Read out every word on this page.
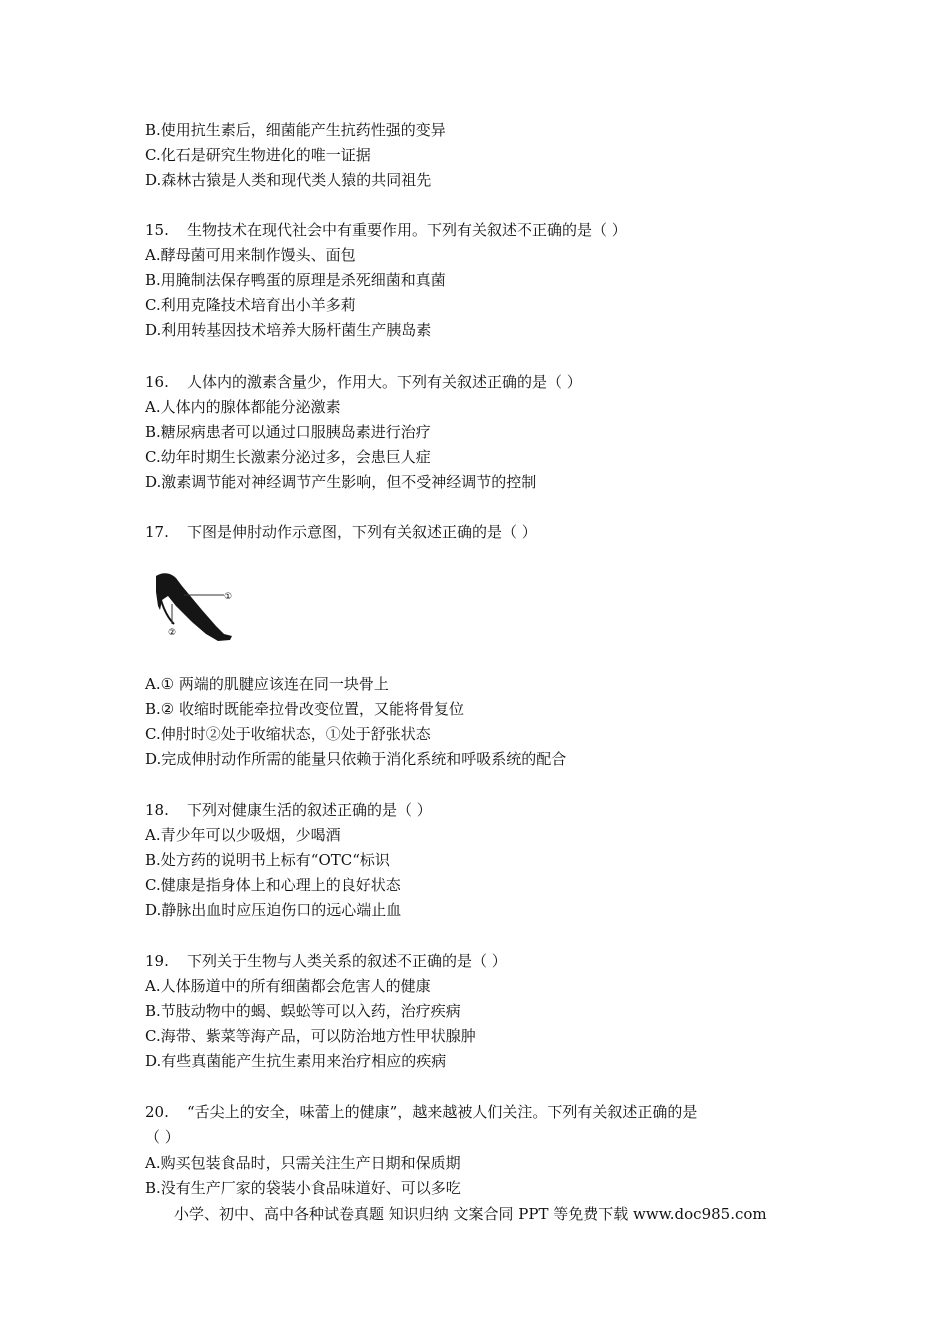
B.使用抗生素后，细菌能产生抗药性强的变异
C.化石是研究生物进化的唯一证据
D.森林古猿是人类和现代类人猿的共同祖先
15. 生物技术在现代社会中有重要作用。下列有关叙述不正确的是（ ）
A.酵母菌可用来制作馒头、面包
B.用腌制法保存鸭蛋的原理是杀死细菌和真菌
C.利用克隆技术培育出小羊多莉
D.利用转基因技术培养大肠杆菌生产胰岛素
16. 人体内的激素含量少，作用大。下列有关叙述正确的是（ ）
A.人体内的腺体都能分泌激素
B.糖尿病患者可以通过口服胰岛素进行治疗
C.幼年时期生长激素分泌过多，会患巨人症
D.激素调节能对神经调节产生影响，但不受神经调节的控制
17. 下图是伸肘动作示意图，下列有关叙述正确的是（ ）
①
②
A.① 两端的肌腱应该连在同一块骨上
B.② 收缩时既能牵拉骨改变位置，又能将骨复位
C.伸肘时②处于收缩状态，①处于舒张状态
D.完成伸肘动作所需的能量只依赖于消化系统和呼吸系统的配合
18. 下列对健康生活的叙述正确的是（ ）
A.青少年可以少吸烟，少喝酒
B.处方药的说明书上标有“OTC“标识
C.健康是指身体上和心理上的良好状态
D.静脉出血时应压迫伤口的远心端止血
19. 下列关于生物与人类关系的叙述不正确的是（ ）
A.人体肠道中的所有细菌都会危害人的健康
B.节肢动物中的蝎、蜈蚣等可以入药，治疗疾病
C.海带、紫菜等海产品，可以防治地方性甲状腺肿
D.有些真菌能产生抗生素用来治疗相应的疾病
20. “舌尖上的安全，味蕾上的健康”，越来越被人们关注。下列有关叙述正确的是
（ ）
A.购买包装食品时，只需关注生产日期和保质期
B.没有生产厂家的袋装小食品味道好、可以多吃
小学、初中、高中各种试卷真题 知识归纳 文案合同 PPT 等免费下载 www.doc985.com
